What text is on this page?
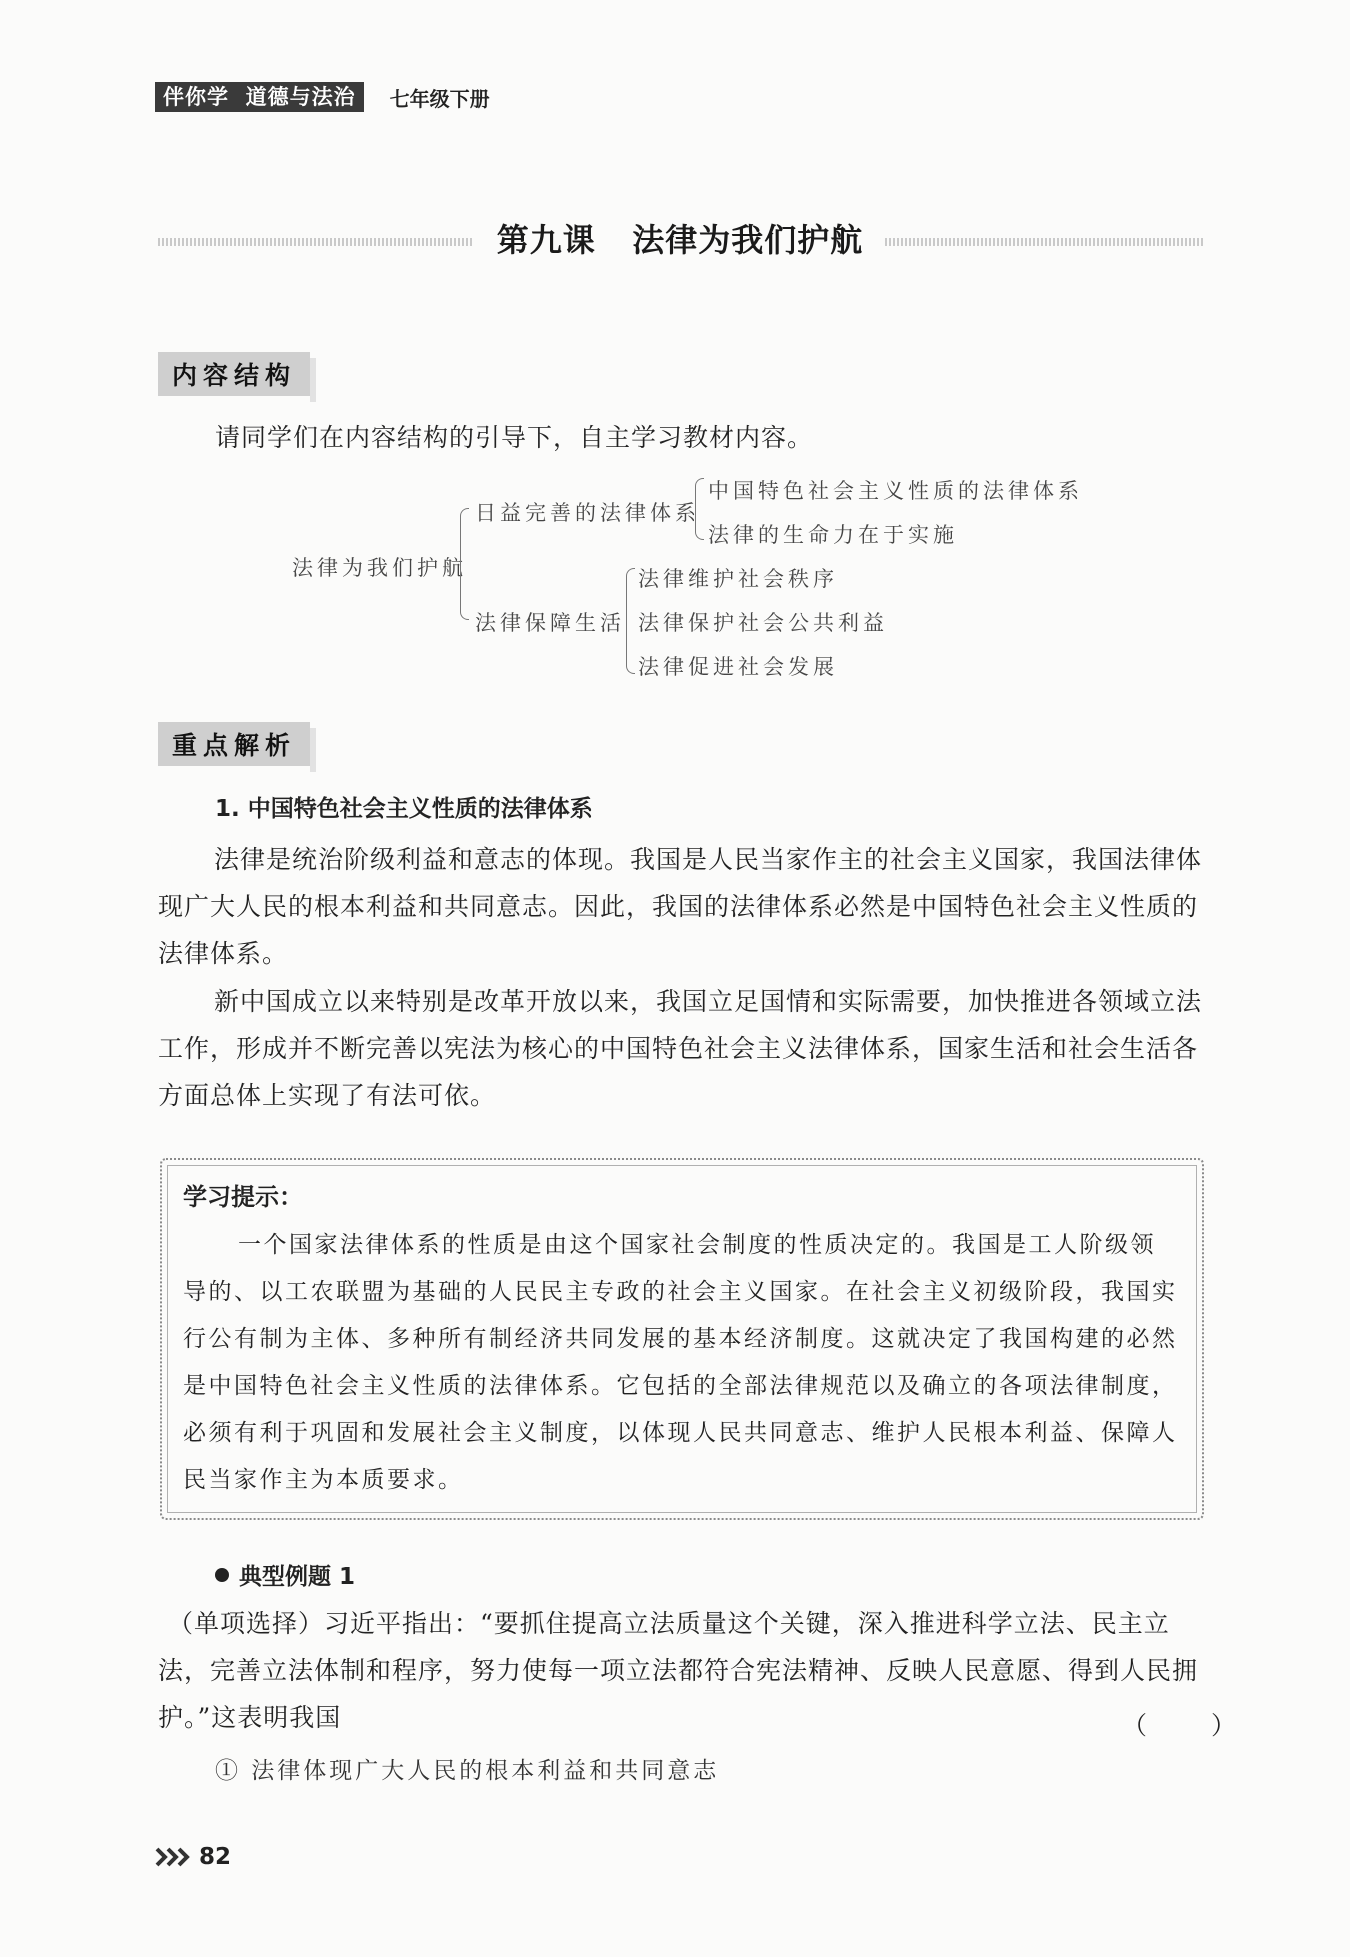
伴你学  道德与法治	七年级下册
第九课   法律为我们护航
内容结构
请同学们在内容结构的引导下，自主学习教材内容。
法律为我们护航
日益完善的法律体系
中国特色社会主义性质的法律体系
法律的生命力在于实施
法律保障生活
法律维护社会秩序
法律保护社会公共利益
法律促进社会发展
重点解析
1. 中国特色社会主义性质的法律体系

法律是统治阶级利益和意志的体现。我国是人民当家作主的社会主义国家，我国法律体现广大人民的根本利益和共同意志。因此，我国的法律体系必然是中国特色社会主义性质的法律体系。

新中国成立以来特别是改革开放以来，我国立足国情和实际需要，加快推进各领域立法工作，形成并不断完善以宪法为核心的中国特色社会主义法律体系，国家生活和社会生活各方面总体上实现了有法可依。

学习提示：

一个国家法律体系的性质是由这个国家社会制度的性质决定的。我国是工人阶级领导的、以工农联盟为基础的人民民主专政的社会主义国家。在社会主义初级阶段，我国实行公有制为主体、多种所有制经济共同发展的基本经济制度。这就决定了我国构建的必然是中国特色社会主义性质的法律体系。它包括的全部法律规范以及确立的各项法律制度，必须有利于巩固和发展社会主义制度，以体现人民共同意志、维护人民根本利益、保障人民当家作主为本质要求。

典型例题 1

（单项选择）习近平指出：“要抓住提高立法质量这个关键，深入推进科学立法、民主立法，完善立法体制和程序，努力使每一项立法都符合宪法精神、反映人民意愿、得到人民拥护。”这表明我国	（ ）
① 法律体现广大人民的根本利益和共同意志
82
